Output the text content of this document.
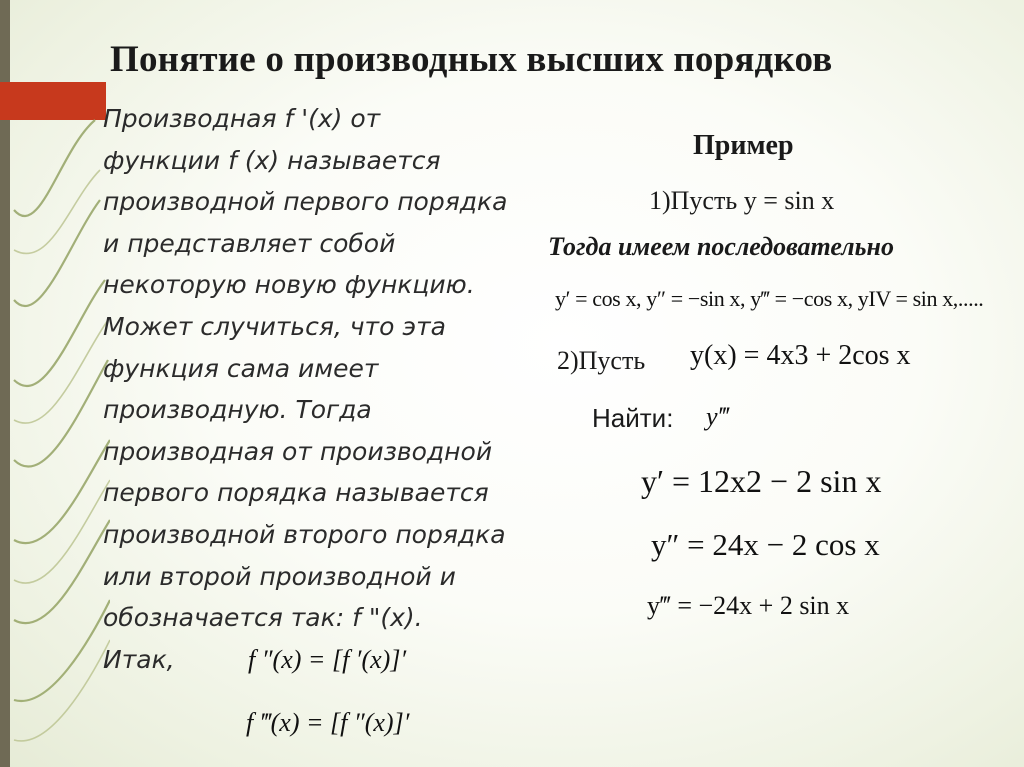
Понятие о производных высших порядков
Производная f '(x) от
функции f (x) называется
производной первого порядка
и представляет собой
некоторую новую функцию.
Может случиться, что эта
функция сама имеет
производную. Тогда
производная от производной
первого порядка называется
производной второго порядка
или второй производной и
обозначается так: f "(x).
Итак,	f ″(x) = [f ′(x)]′
f ‴(x) = [f ″(x)]′
Пример
1)Пусть y = sin x
Тогда имеем последовательно
y′ = cos x, y″ = −sin x, y‴ = −cos x, yIV = sin x,.....
2)Пусть y(x) = 4x3 + 2cos x
Найти: y‴
y′ = 12x2 − 2 sin x
y″ = 24x − 2 cos x
y‴ = −24x + 2 sin x
